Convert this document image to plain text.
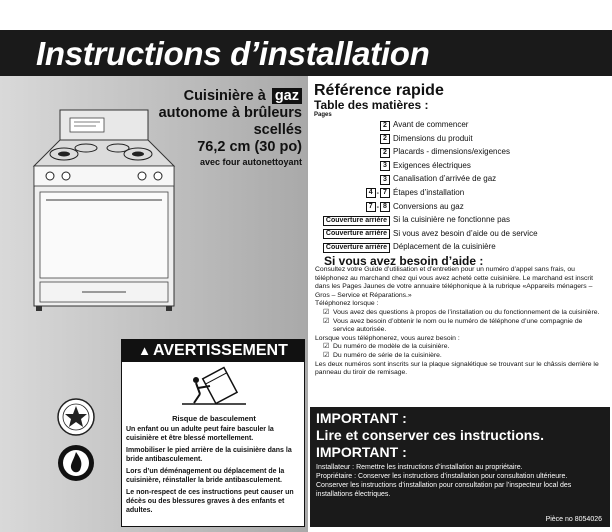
Instructions d’installation
Cuisinière à gaz
autonome à brûleurs
scellés
76,2 cm (30 po)
avec four autonettoyant
▲ AVERTISSEMENT
Risque de basculement

Un enfant ou un adulte peut faire basculer la cuisinière et être blessé mortellement.

Immobiliser le pied arrière de la cuisinière dans la bride antibasculement.

Lors d’un déménagement ou déplacement de la cuisinière, réinstaller la bride antibasculement.

Le non-respect de ces instructions peut causer un décès ou des blessures graves à des enfants et adultes.

Référence rapide
Table des matières :
Pages
2 Avant de commencer
2 Dimensions du produit
2 Placards - dimensions/exigences
3 Exigences électriques
3 Canalisation d’arrivée de gaz
4 - 7 Étapes d’installation
7 - 8 Conversions au gaz
Couverture arrière Si la cuisinière ne fonctionne pas
Couverture arrière Si vous avez besoin d’aide ou de service
Couverture arrière Déplacement de la cuisinière
Si vous avez besoin d’aide :
Consultez votre Guide d’utilisation et d’entretien pour un numéro d’appel sans frais, ou téléphonez au marchand chez qui vous avez acheté cette cuisinière. Le marchand est inscrit dans les Pages Jaunes de votre annuaire téléphonique à la rubrique «Appareils ménagers – Gros – Service et Réparations.»
Téléphonez lorsque :
☑ Vous avez des questions à propos de l’installation ou du fonctionnement de la cuisinière.
☑ Vous avez besoin d’obtenir le nom ou le numéro de téléphone d’une compagnie de service autorisée.
Lorsque vous téléphonerez, vous aurez besoin :
☑ Du numéro de modèle de la cuisinière.
☑ Du numéro de série de la cuisinière.
Les deux numéros sont inscrits sur la plaque signalétique se trouvant sur le châssis derrière le panneau du tiroir de remisage.
IMPORTANT :
Lire et conserver ces instructions.
IMPORTANT :
Installateur : Remettre les instructions d’installation au propriétaire.
Propriétaire : Conserver les instructions d’installation pour consultation ultérieure.
Conserver les instructions d’installation pour consultation par l’inspecteur local des installations électriques.
Pièce no 8054026
